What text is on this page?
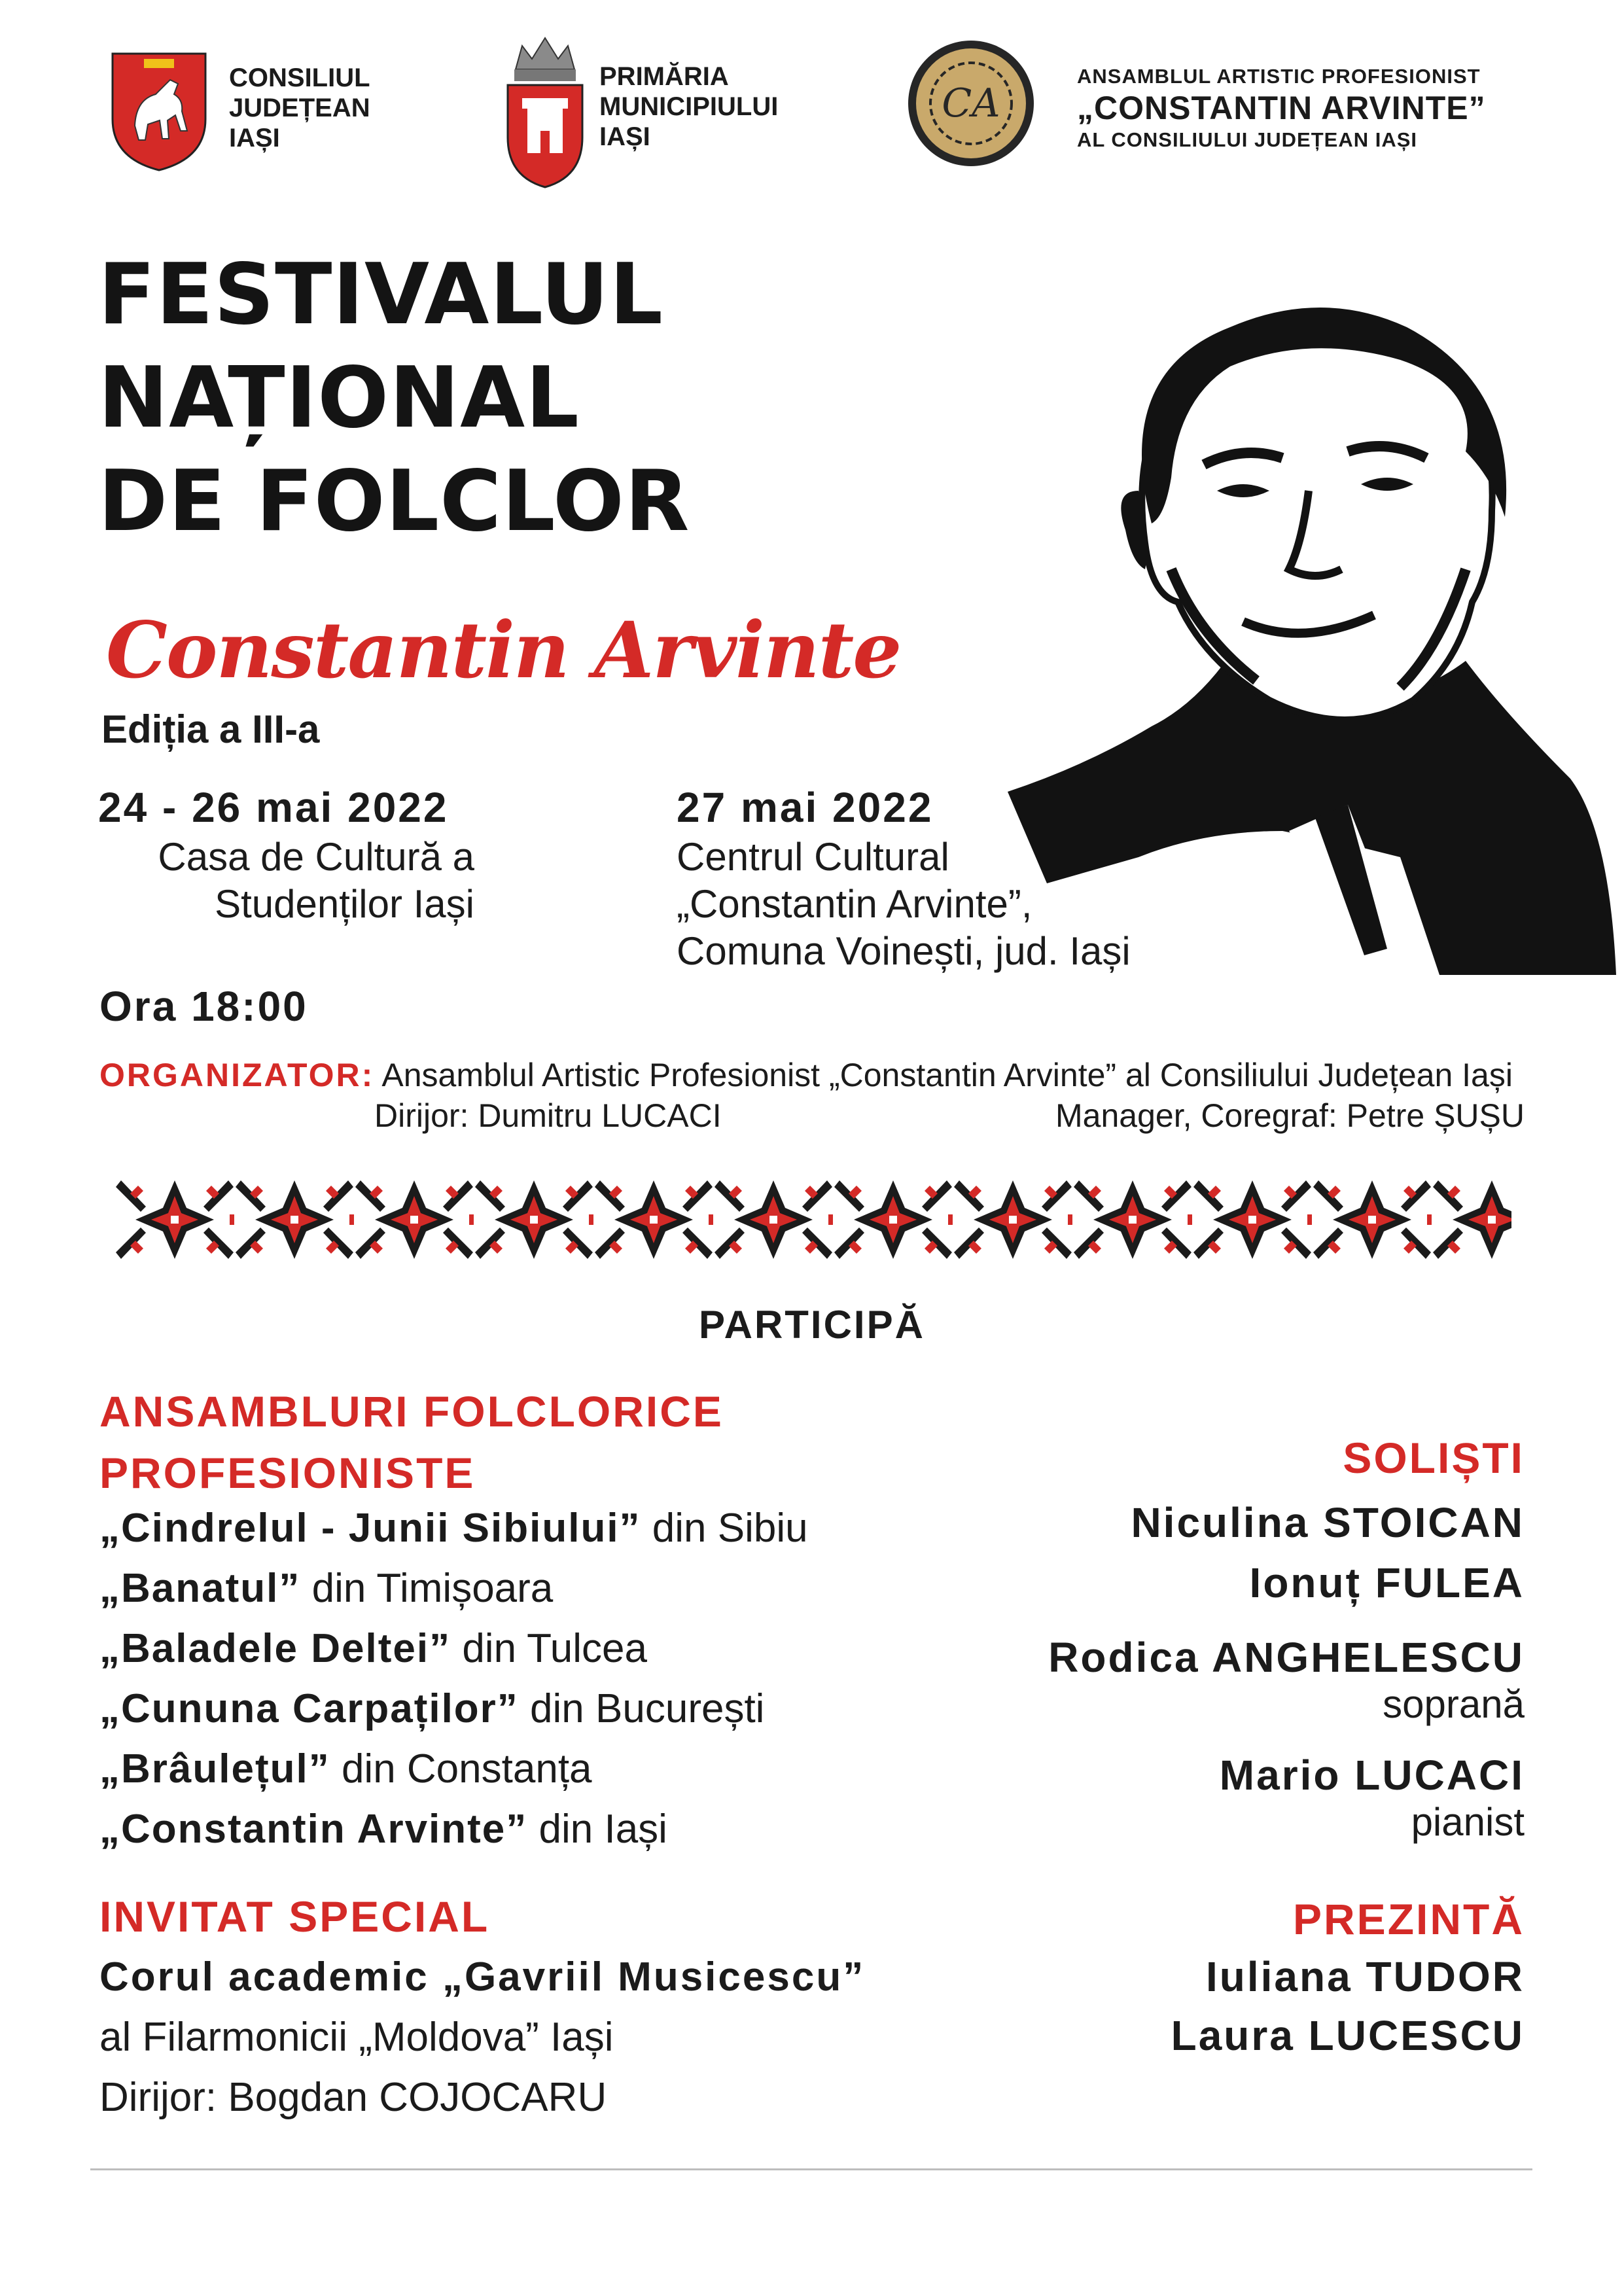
CONSILIUL
JUDEȚEAN
IAȘI
PRIMĂRIA
MUNICIPIULUI
IAȘI
CA
ANSAMBLUL ARTISTIC PROFESIONIST
„CONSTANTIN ARVINTE”
AL CONSILIULUI JUDEȚEAN IAȘI
FESTIVALUL
NAȚIONAL
DE FOLCLOR
Constantin Arvinte
Ediția a III-a
24 - 26 mai 2022
Casa de Cultură a
Studenților Iași
27 mai 2022
Centrul Cultural
„Constantin Arvinte”,
Comuna Voinești, jud. Iași
Ora 18:00
ORGANIZATOR: Ansamblul Artistic Profesionist „Constantin Arvinte” al Consiliului Județean Iași
Dirijor: Dumitru LUCACI	Manager, Coregraf: Petre ȘUȘU
PARTICIPĂ
ANSAMBLURI FOLCLORICE
PROFESIONISTE
„Cindrelul - Junii Sibiului” din Sibiu
„Banatul” din Timișoara
„Baladele Deltei” din Tulcea
„Cununa Carpaților” din București
„Brâulețul” din Constanța
„Constantin Arvinte” din Iași
INVITAT SPECIAL
Corul academic „Gavriil Musicescu”
al Filarmonicii „Moldova” Iași
Dirijor: Bogdan COJOCARU
SOLIȘTI
Niculina STOICAN
Ionuț FULEA
Rodica ANGHELESCU
soprană
Mario LUCACI
pianist
PREZINTĂ
Iuliana TUDOR
Laura LUCESCU
